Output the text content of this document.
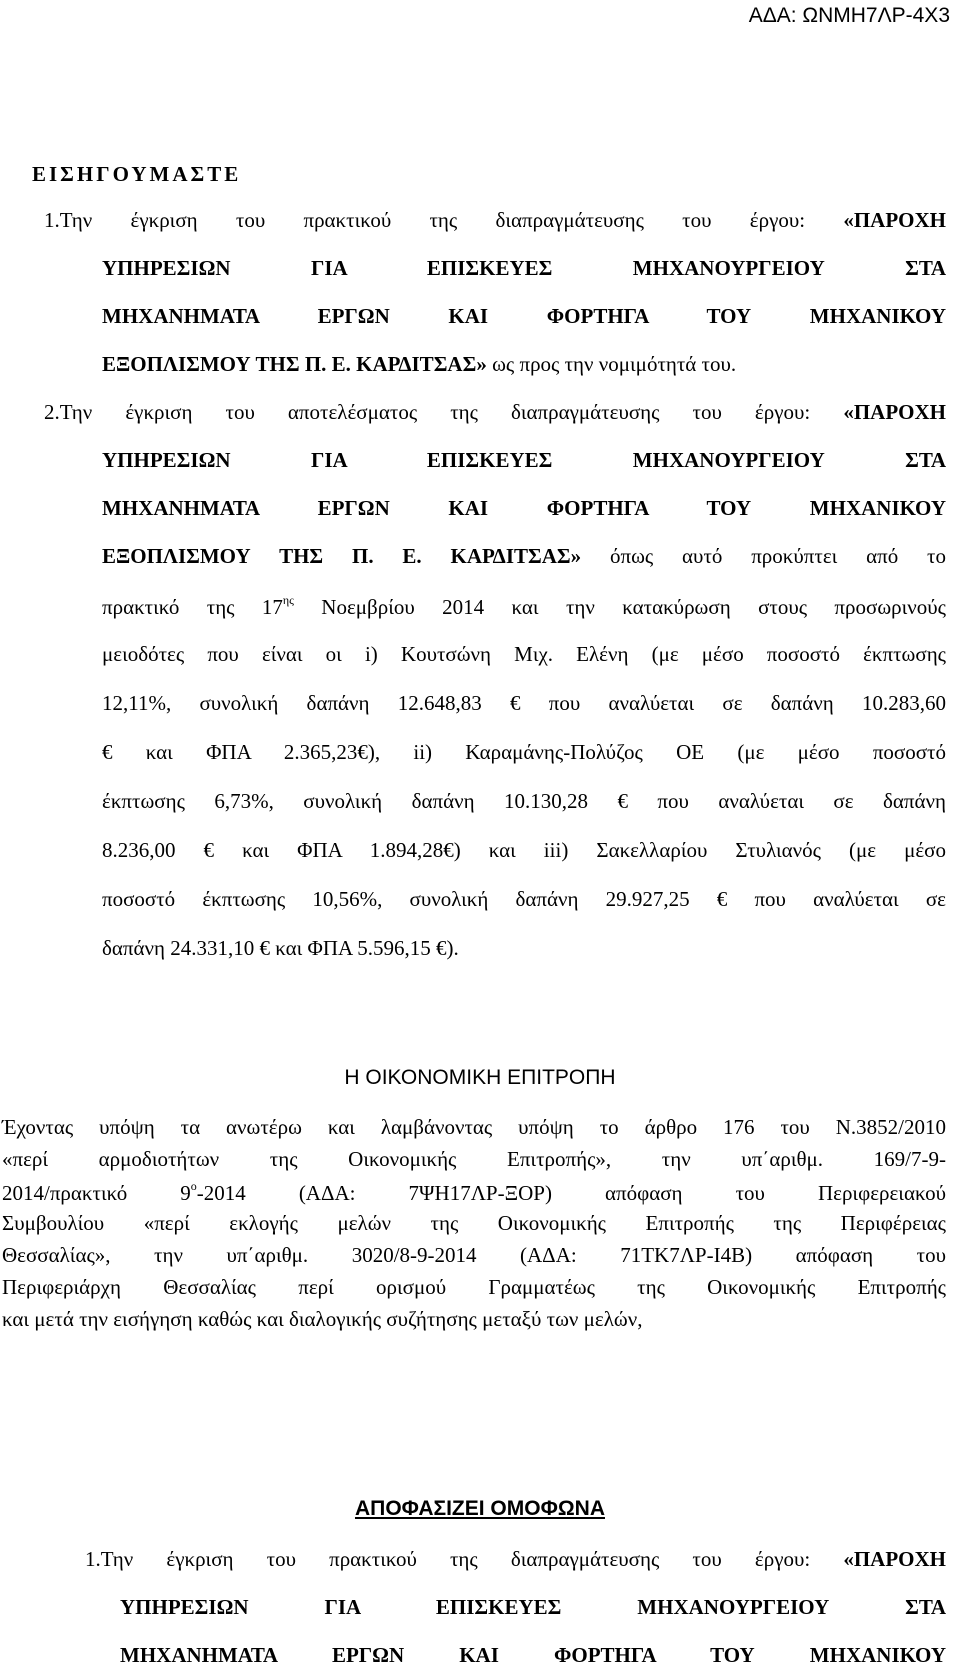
ΑΔΑ: ΩΝΜΗ7ΛΡ-4Χ3
ΕΙΣΗΓΟΥΜΑΣΤΕ
1.Την έγκριση του πρακτικού της διαπραγμάτευσης του έργου: «ΠΑΡΟΧΗ
ΥΠΗΡΕΣΙΩΝ ΓΙΑ ΕΠΙΣΚΕΥΕΣ ΜΗΧΑΝΟΥΡΓΕΙΟΥ ΣΤΑ
ΜΗΧΑΝΗΜΑΤΑ ΕΡΓΩΝ ΚΑΙ ΦΟΡΤΗΓΑ ΤΟΥ ΜΗΧΑΝΙΚΟΥ
ΕΞΟΠΛΙΣΜΟΥ ΤΗΣ Π. Ε. ΚΑΡΔΙΤΣΑΣ» ως προς την νομιμότητά του.
2.Την έγκριση του αποτελέσματος της διαπραγμάτευσης του έργου: «ΠΑΡΟΧΗ
ΥΠΗΡΕΣΙΩΝ ΓΙΑ ΕΠΙΣΚΕΥΕΣ ΜΗΧΑΝΟΥΡΓΕΙΟΥ ΣΤΑ
ΜΗΧΑΝΗΜΑΤΑ ΕΡΓΩΝ ΚΑΙ ΦΟΡΤΗΓΑ ΤΟΥ ΜΗΧΑΝΙΚΟΥ
ΕΞΟΠΛΙΣΜΟΥ ΤΗΣ Π. Ε. ΚΑΡΔΙΤΣΑΣ» όπως αυτό προκύπτει από το
πρακτικό της $17^{\eta\varsigma}$ Νοεμβρίου 2014 και την κατακύρωση στους προσωρινούς
μειοδότες που είναι οι i) Κουτσώνη Μιχ. Ελένη (με μέσο ποσοστό έκπτωσης
12,11%, συνολική δαπάνη 12.648,83 € που αναλύεται σε δαπάνη 10.283,60
€ και ΦΠΑ 2.365,23€), ii) Καραμάνης-Πολύζος ΟΕ (με μέσο ποσοστό
έκπτωσης 6,73%, συνολική δαπάνη 10.130,28 € που αναλύεται σε δαπάνη
8.236,00 € και ΦΠΑ 1.894,28€) και iii) Σακελλαρίου Στυλιανός (με μέσο
ποσοστό έκπτωσης 10,56%, συνολική δαπάνη 29.927,25 € που αναλύεται σε
δαπάνη 24.331,10 € και ΦΠΑ 5.596,15 €).
Η ΟΙΚΟΝΟΜΙΚΗ ΕΠΙΤΡΟΠΗ
Έχοντας υπόψη τα ανωτέρω και λαμβάνοντας υπόψη το άρθρο 176 του Ν.3852/2010
«περί αρμοδιοτήτων της Οικονομικής Επιτροπής», την υπ΄αριθμ. 169/7-9-
2014/πρακτικό $9^o-2014$ (ΑΔΑ: 7ΨΗ17ΛΡ-ΞΟΡ) απόφαση του Περιφερειακού
Συμβουλίου «περί εκλογής μελών της Οικονομικής Επιτροπής της Περιφέρειας
Θεσσαλίας», την υπ΄αριθμ. 3020/8-9-2014 (ΑΔΑ: 71ΤΚ7ΛΡ-Ι4Β) απόφαση του
Περιφεριάρχη Θεσσαλίας περί ορισμού Γραμματέως της Οικονομικής Επιτροπής
και μετά την εισήγηση καθώς και διαλογικής συζήτησης μεταξύ των μελών,
ΑΠΟΦΑΣΙΖΕΙ ΟΜΟΦΩΝΑ
1.Την έγκριση του πρακτικού της διαπραγμάτευσης του έργου: «ΠΑΡΟΧΗ
ΥΠΗΡΕΣΙΩΝ ΓΙΑ ΕΠΙΣΚΕΥΕΣ ΜΗΧΑΝΟΥΡΓΕΙΟΥ ΣΤΑ
ΜΗΧΑΝΗΜΑΤΑ ΕΡΓΩΝ ΚΑΙ ΦΟΡΤΗΓΑ ΤΟΥ ΜΗΧΑΝΙΚΟΥ
